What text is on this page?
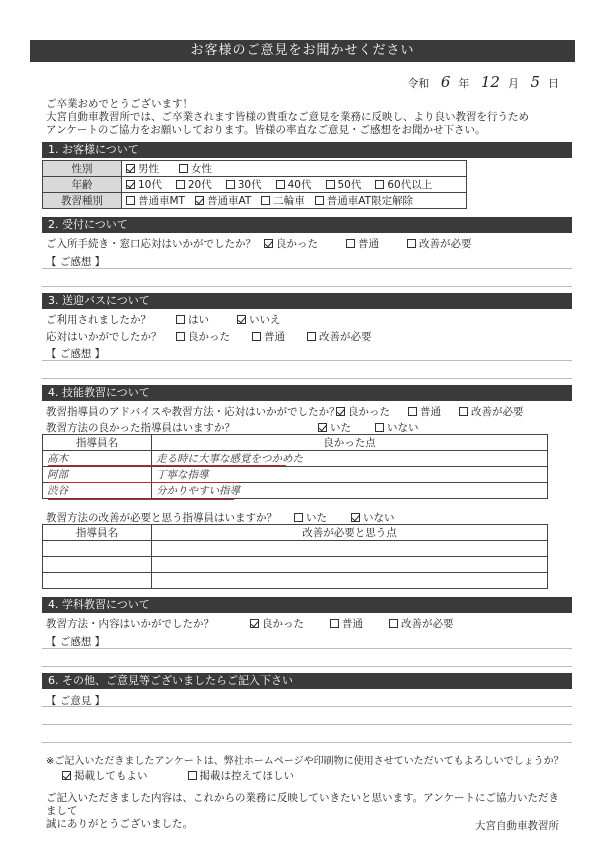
お客様のご意見をお聞かせください
令和 6 年 12 月 5 日
ご卒業おめでとうございます！
大宮自動車教習所では、ご卒業されます皆様の貴重なご意見を業務に反映し、より良い教習を行うため
アンケートのご協力をお願いしております。皆様の率直なご意見・ご感想をお聞かせ下さい。
1. お客様について
性別	男性 女性
年齢	10代 20代 30代 40代 50代 60代以上
教習種別	普通車MT 普通車AT 二輪車 普通車AT限定解除
2. 受付について
ご入所手続き・窓口応対はいかがでしたか？	良かった	普通	改善が必要
【 ご感想 】
3. 送迎バスについて
ご利用されましたか？	はい	いいえ
応対はいかがでしたか？	良かった	普通	改善が必要
【 ご感想 】
4. 技能教習について
教習指導員のアドバイスや教習方法・応対はいかがでしたか？ 良かった	普通	改善が必要
教習方法の良かった指導員はいますか？	いた	いない
指導員名	良かった点
高木	走る時に大事な感覚をつかめた
阿部	丁寧な指導
渋谷	分かりやすい指導
教習方法の改善が必要と思う指導員はいますか？	いた	いない
指導員名	改善が必要と思う点

4. 学科教習について
教習方法・内容はいかがでしたか？	良かった	普通	改善が必要
【 ご感想 】
6. その他、ご意見等ございましたらご記入下さい
【 ご意見 】
※ご記入いただきましたアンケートは、弊社ホームページや印刷物に使用させていただいてもよろしいでしょうか？
掲載してもよい	掲載は控えてほしい
ご記入いただきました内容は、これからの業務に反映していきたいと思います。アンケートにご協力いただきまして
誠にありがとうございました。	大宮自動車教習所
